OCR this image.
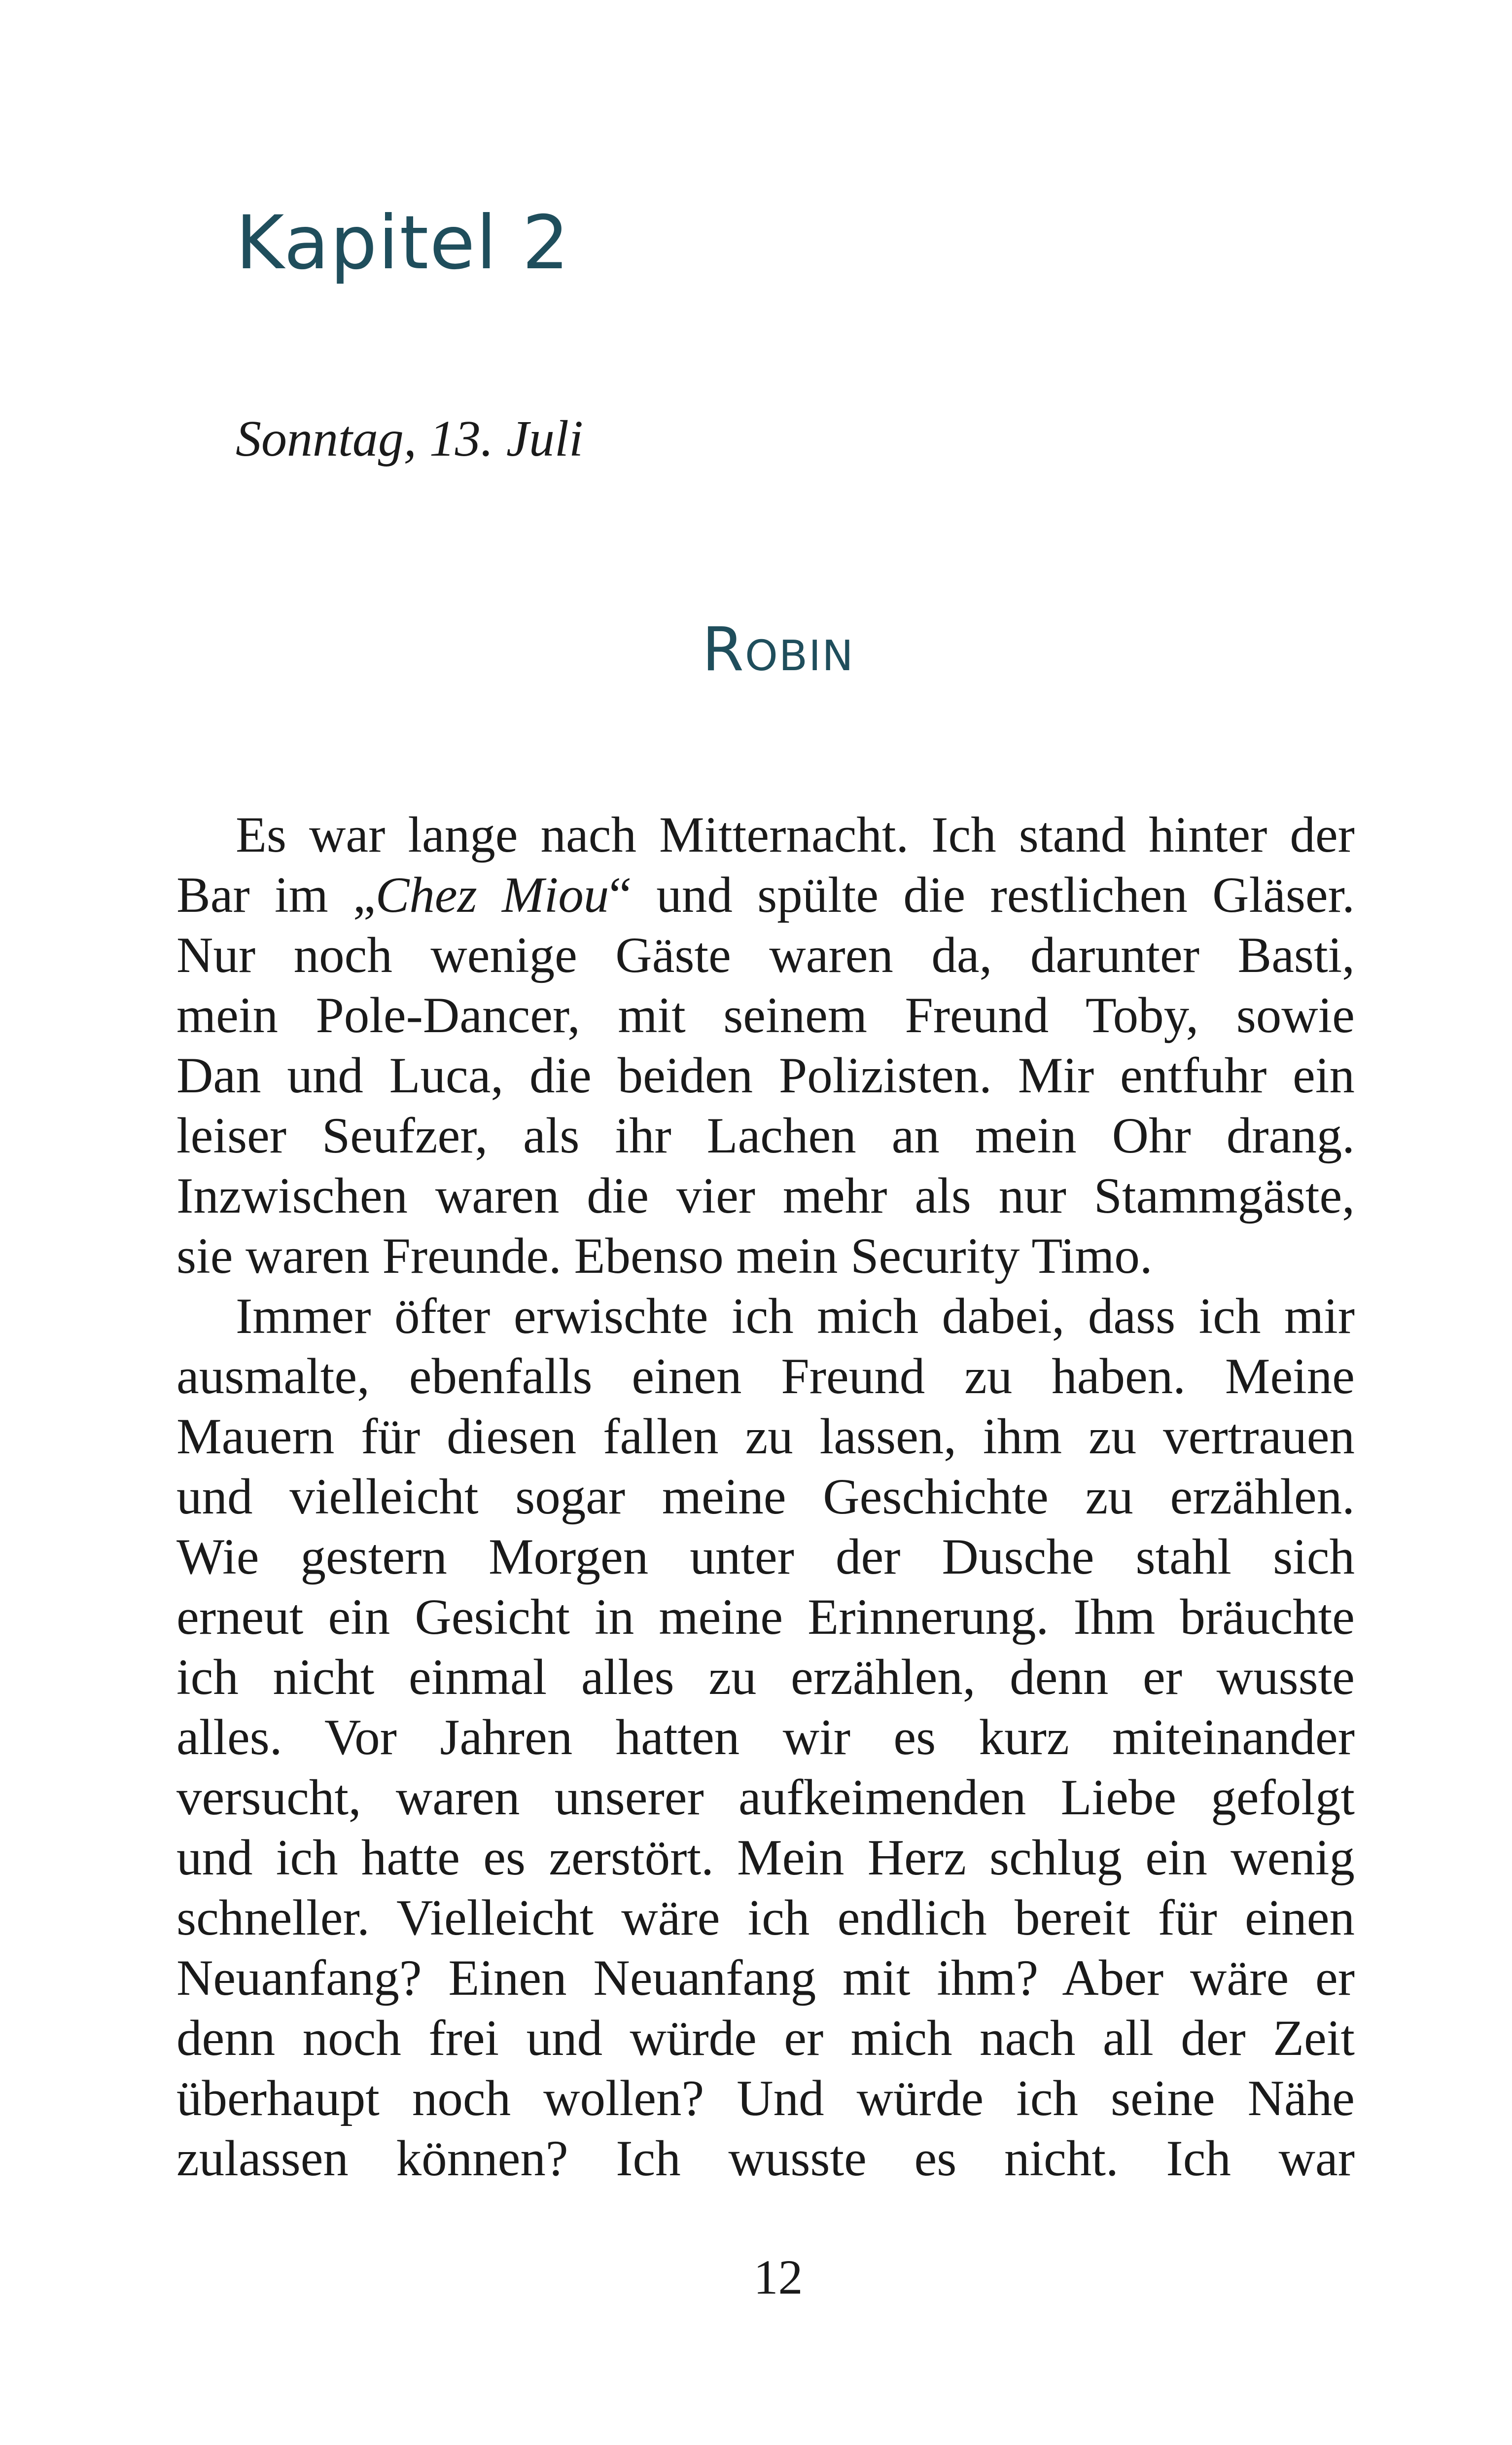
Kapitel 2

Sonntag, 13. Juli

Robin
Es war lange nach Mitternacht. Ich stand hinter der
Bar im „Chez Miou“ und spülte die restlichen Gläser.
Nur noch wenige Gäste waren da, darunter Basti,
mein Pole-Dancer, mit seinem Freund Toby, sowie
Dan und Luca, die beiden Polizisten. Mir entfuhr ein
leiser Seufzer, als ihr Lachen an mein Ohr drang.
Inzwischen waren die vier mehr als nur Stammgäste,
sie waren Freunde. Ebenso mein Security Timo.
Immer öfter erwischte ich mich dabei, dass ich mir
ausmalte, ebenfalls einen Freund zu haben. Meine
Mauern für diesen fallen zu lassen, ihm zu vertrauen
und vielleicht sogar meine Geschichte zu erzählen.
Wie gestern Morgen unter der Dusche stahl sich
erneut ein Gesicht in meine Erinnerung. Ihm bräuchte
ich nicht einmal alles zu erzählen, denn er wusste
alles. Vor Jahren hatten wir es kurz miteinander
versucht, waren unserer aufkeimenden Liebe gefolgt
und ich hatte es zerstört. Mein Herz schlug ein wenig
schneller. Vielleicht wäre ich endlich bereit für einen
Neuanfang? Einen Neuanfang mit ihm? Aber wäre er
denn noch frei und würde er mich nach all der Zeit
überhaupt noch wollen? Und würde ich seine Nähe
zulassen können? Ich wusste es nicht. Ich war

12
